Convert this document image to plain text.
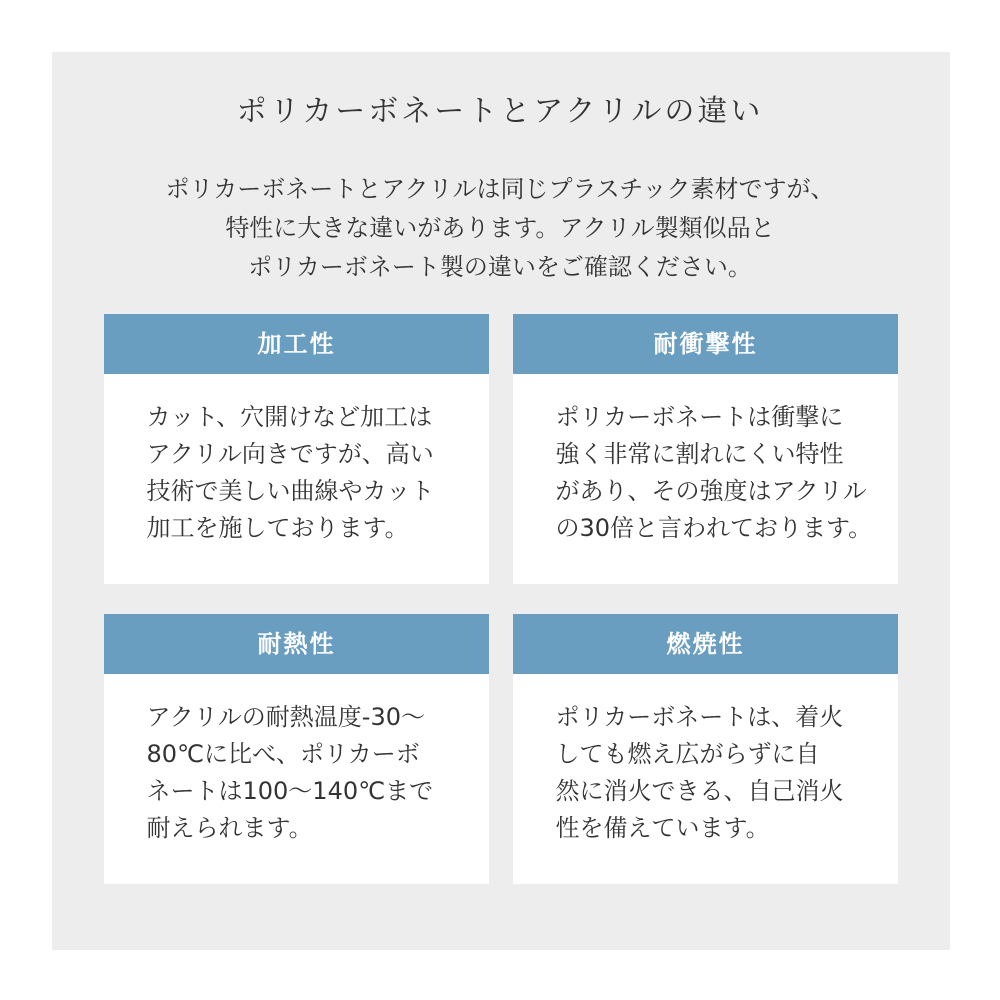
ポリカーボネートとアクリルの違い

ポリカーボネートとアクリルは同じプラスチック素材ですが、
特性に大きな違いがあります。アクリル製類似品と
ポリカーボネート製の違いをご確認ください。

加工性
カット、穴開けなど加工は
アクリル向きですが、高い
技術で美しい曲線やカット
加工を施しております。
耐衝撃性
ポリカーボネートは衝撃に
強く非常に割れにくい特性
があり、その強度はアクリル
の30倍と言われております。
耐熱性
アクリルの耐熱温度-30〜
80℃に比べ、ポリカーボ
ネートは100〜140℃まで
耐えられます。
燃焼性
ポリカーボネートは、着火
しても燃え広がらずに自
然に消火できる、自己消火
性を備えています。
